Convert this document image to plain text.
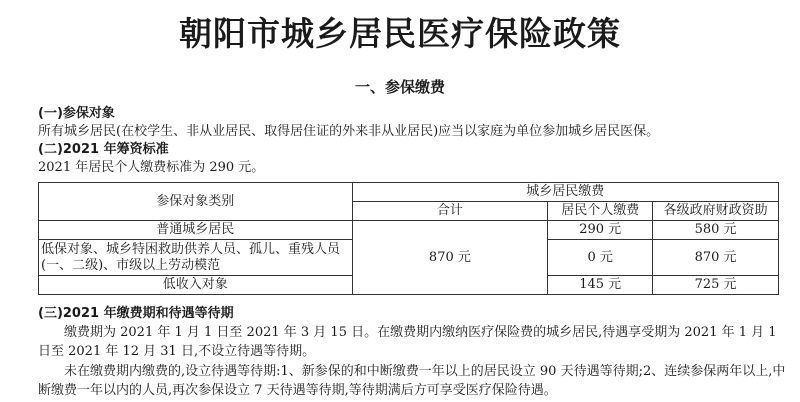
朝阳市城乡居民医疗保险政策
一、参保缴费
(一)参保对象
所有城乡居民(在校学生、非从业居民、取得居住证的外来非从业居民)应当以家庭为单位参加城乡居民医保。
(二)2021 年筹资标准
2021 年居民个人缴费标准为 290 元。
参保对象类别	城乡居民缴费		
	合计	居民个人缴费	各级政府财政资助
普通城乡居民	870 元	290 元	580 元
低保对象、城乡特困救助供养人员、孤儿、重残人员(一、二级)、市级以上劳动模范		0 元	870 元
低收入对象		145 元	725 元
(三)2021 年缴费期和待遇等待期
缴费期为 2021 年 1 月 1 日至 2021 年 3 月 15 日。在缴费期内缴纳医疗保险费的城乡居民,待遇享受期为 2021 年 1 月 1 日至 2021 年 12 月 31 日,不设立待遇等待期。
未在缴费期内缴费的,设立待遇等待期:1、新参保的和中断缴费一年以上的居民设立 90 天待遇等待期;2、连续参保两年以上,中断缴费一年以内的人员,再次参保设立 7 天待遇等待期,等待期满后方可享受医疗保险待遇。
